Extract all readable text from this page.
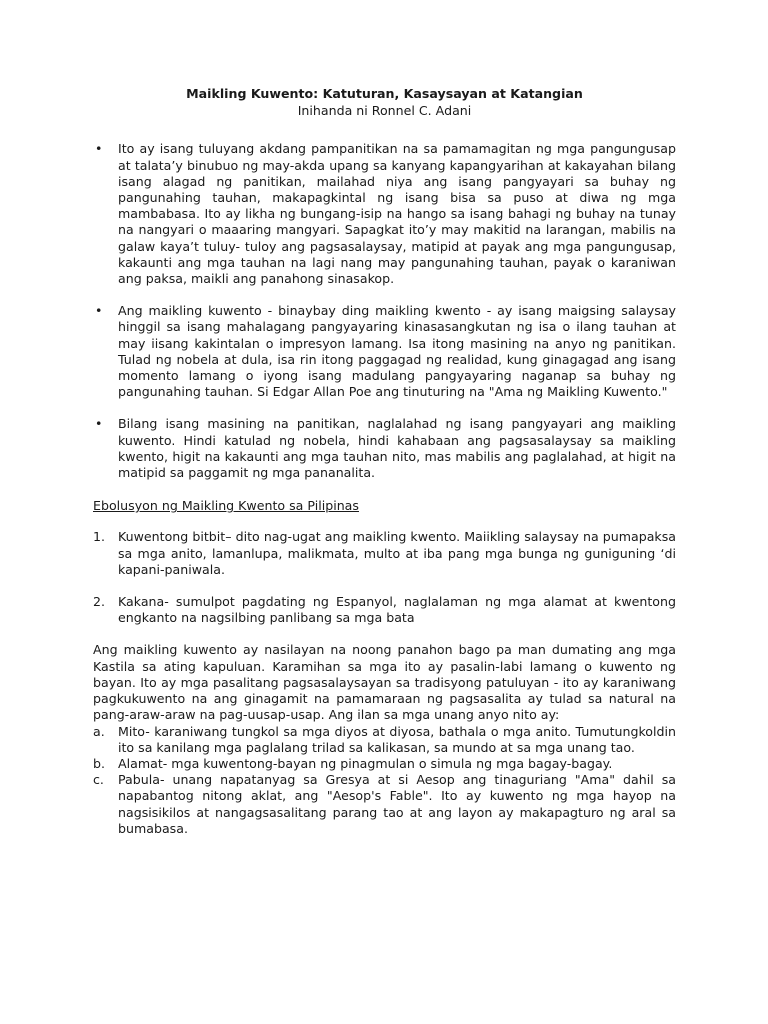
Maikling Kuwento: Katuturan, Kasaysayan at Katangian

Inihanda ni Ronnel C. Adani

• Ito ay isang tuluyang akdang pampanitikan na sa pamamagitan ng mga pangungusap at talata’y binubuo ng may-akda upang sa kanyang kapangyarihan at kakayahan bilang isang alagad ng panitikan, mailahad niya ang isang pangyayari sa buhay ng pangunahing tauhan, makapagkintal ng isang bisa sa puso at diwa ng mga mambabasa. Ito ay likha ng bungang-isip na hango sa isang bahagi ng buhay na tunay na nangyari o maaaring mangyari. Sapagkat ito’y may makitid na larangan, mabilis na galaw kaya’t tuluy- tuloy ang pagsasalaysay, matipid at payak ang mga pangungusap, kakaunti ang mga tauhan na lagi nang may pangunahing tauhan, payak o karaniwan ang paksa, maikli ang panahong sinasakop.
• Ang maikling kuwento - binaybay ding maikling kwento - ay isang maigsing salaysay hinggil sa isang mahalagang pangyayaring kinasasangkutan ng isa o ilang tauhan at may iisang kakintalan o impresyon lamang. Isa itong masining na anyo ng panitikan. Tulad ng nobela at dula, isa rin itong paggagad ng realidad, kung ginagagad ang isang momento lamang o iyong isang madulang pangyayaring naganap sa buhay ng pangunahing tauhan. Si Edgar Allan Poe ang tinuturing na "Ama ng Maikling Kuwento."
• Bilang isang masining na panitikan, naglalahad ng isang pangyayari ang maikling kuwento. Hindi katulad ng nobela, hindi kahabaan ang pagsasalaysay sa maikling kwento, higit na kakaunti ang mga tauhan nito, mas mabilis ang paglalahad, at higit na matipid sa paggamit ng mga pananalita.

Ebolusyon ng Maikling Kwento sa Pilipinas

1. Kuwentong bitbit– dito nag-ugat ang maikling kwento. Maiikling salaysay na pumapaksa sa mga anito, lamanlupa, malikmata, multo at iba pang mga bunga ng guniguning ‘di kapani-paniwala.
2. Kakana- sumulpot pagdating ng Espanyol, naglalaman ng mga alamat at kwentong engkanto na nagsilbing panlibang sa mga bata

Ang maikling kuwento ay nasilayan na noong panahon bago pa man dumating ang mga Kastila sa ating kapuluan. Karamihan sa mga ito ay pasalin-labi lamang o kuwento ng bayan. Ito ay mga pasalitang pagsasalaysayan sa tradisyong patuluyan - ito ay karaniwang pagkukuwento na ang ginagamit na pamamaraan ng pagsasalita ay tulad sa natural na pang-araw-araw na pag-uusap-usap. Ang ilan sa mga unang anyo nito ay:

a. Mito- karaniwang tungkol sa mga diyos at diyosa, bathala o mga anito. Tumutungkoldin ito sa kanilang mga paglalang trilad sa kalikasan, sa mundo at sa mga unang tao.
b. Alamat- mga kuwentong-bayan ng pinagmulan o simula ng mga bagay-bagay.
c. Pabula- unang napatanyag sa Gresya at si Aesop ang tinaguriang "Ama" dahil sa napabantog nitong aklat, ang "Aesop's Fable". Ito ay kuwento ng mga hayop na nagsisikilos at nangagsasalitang parang tao at ang layon ay makapagturo ng aral sa bumabasa.
